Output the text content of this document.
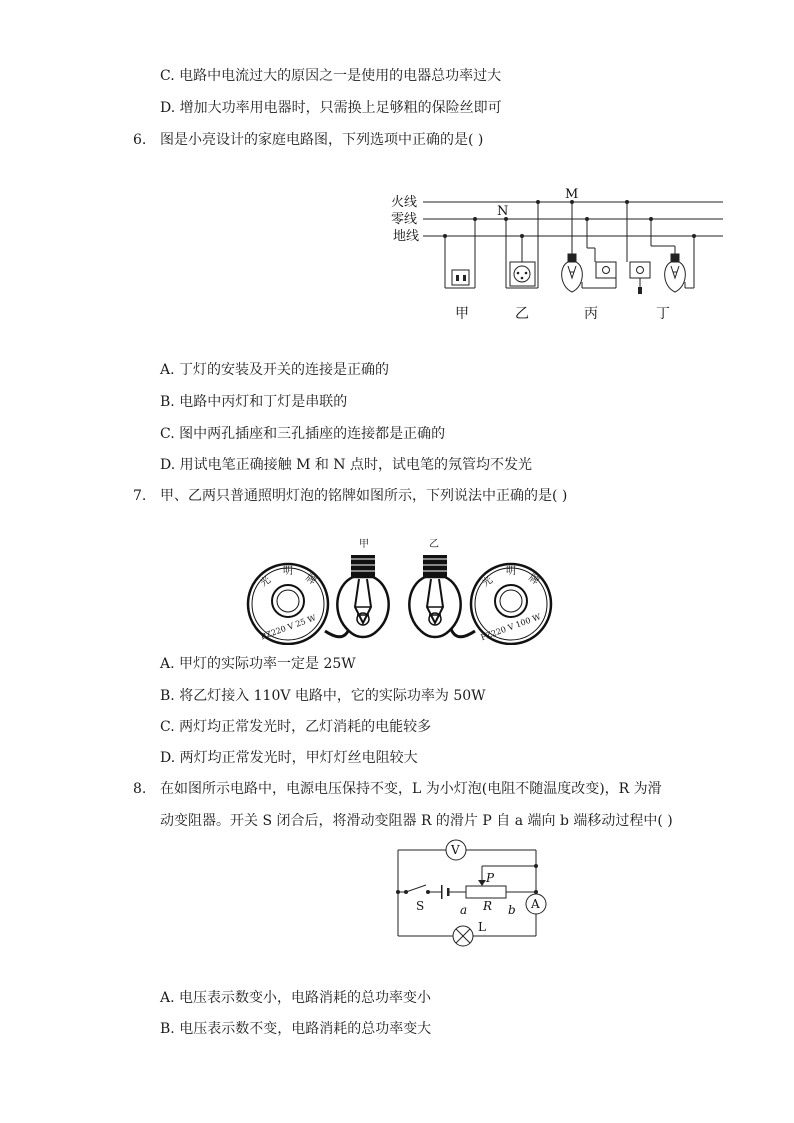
C. 电路中电流过大的原因之一是使用的电器总功率过大
D. 增加大功率用电器时，只需换上足够粗的保险丝即可
6. 图是小亮设计的家庭电路图，下列选项中正确的是( )
火线
零线
地线
M
N
甲	乙	丙	丁
A. 丁灯的安装及开关的连接是正确的
B. 电路中丙灯和丁灯是串联的
C. 图中两孔插座和三孔插座的连接都是正确的
D. 用试电笔正确接触 M 和 N 点时，试电笔的氖管均不发光
7. 甲、乙两只普通照明灯泡的铭牌如图所示，下列说法中正确的是( )
甲	乙
光
明
牌
PZ220 V 25 W
光
明
牌
PZ220 V 100 W
A. 甲灯的实际功率一定是 25W
B. 将乙灯接入 110V 电路中，它的实际功率为 50W
C. 两灯均正常发光时，乙灯消耗的电能较多
D. 两灯均正常发光时，甲灯灯丝电阻较大
8. 在如图所示电路中，电源电压保持不变，L 为小灯泡(电阻不随温度改变)，R 为滑
动变阻器。开关 S 闭合后，将滑动变阻器 R 的滑片 P 自 a 端向 b 端移动过程中( )
V
A
S
P
a R b
L
A. 电压表示数变小，电路消耗的总功率变小
B. 电压表示数不变，电路消耗的总功率变大
